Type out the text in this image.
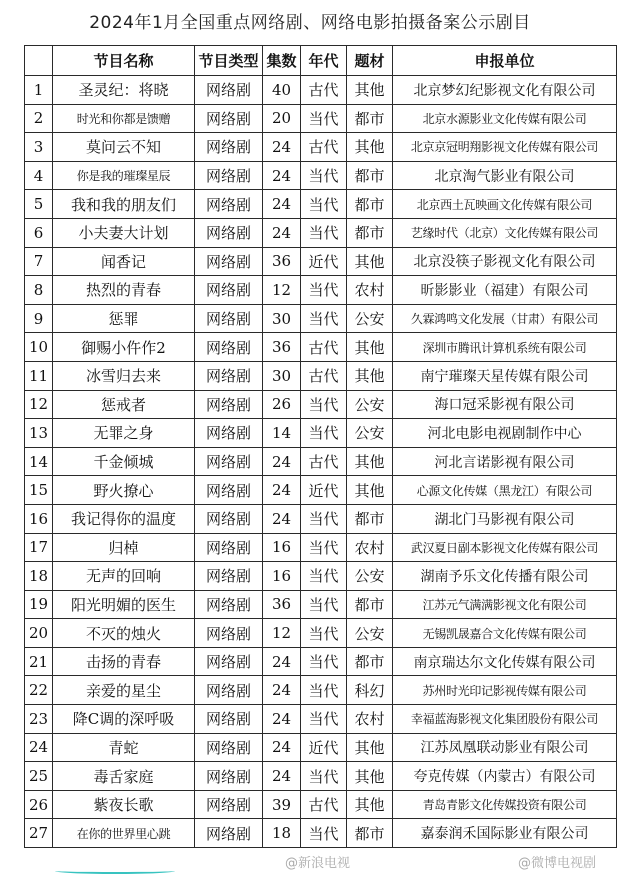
2024年1月全国重点网络剧、网络电影拍摄备案公示剧目
	节目名称	节目类型	集数	年代	题材	申报单位
1	圣灵纪：将晓	网络剧	40	古代	其他	北京梦幻纪影视文化有限公司
2	时光和你都是馈赠	网络剧	20	当代	都市	北京水源影业文化传媒有限公司
3	莫问云不知	网络剧	24	古代	其他	北京京冠明翔影视文化传媒有限公司
4	你是我的璀璨星辰	网络剧	24	当代	都市	北京淘气影业有限公司
5	我和我的朋友们	网络剧	24	当代	都市	北京西土瓦映画文化传媒有限公司
6	小夫妻大计划	网络剧	24	当代	都市	艺缘时代（北京）文化传媒有限公司
7	闻香记	网络剧	36	近代	其他	北京没筷子影视文化有限公司
8	热烈的青春	网络剧	12	当代	农村	昕影影业（福建）有限公司
9	惩罪	网络剧	30	当代	公安	久霖鸿鸣文化发展（甘肃）有限公司
10	御赐小仵作2	网络剧	36	古代	其他	深圳市腾讯计算机系统有限公司
11	冰雪归去来	网络剧	30	古代	其他	南宁璀璨天星传媒有限公司
12	惩戒者	网络剧	26	当代	公安	海口冠采影视有限公司
13	无罪之身	网络剧	14	当代	公安	河北电影电视剧制作中心
14	千金倾城	网络剧	24	古代	其他	河北言诺影视有限公司
15	野火撩心	网络剧	24	近代	其他	心源文化传媒（黑龙江）有限公司
16	我记得你的温度	网络剧	24	当代	都市	湖北门马影视有限公司
17	归棹	网络剧	16	当代	农村	武汉夏日副本影视文化传媒有限公司
18	无声的回响	网络剧	16	当代	公安	湖南予乐文化传播有限公司
19	阳光明媚的医生	网络剧	36	当代	都市	江苏元气满满影视文化有限公司
20	不灭的烛火	网络剧	12	当代	公安	无锡凯晟嘉合文化传媒有限公司
21	击扬的青春	网络剧	24	当代	都市	南京瑞达尔文化传媒有限公司
22	亲爱的星尘	网络剧	24	当代	科幻	苏州时光印记影视传媒有限公司
23	降C调的深呼吸	网络剧	24	当代	农村	幸福蓝海影视文化集团股份有限公司
24	青蛇	网络剧	24	近代	其他	江苏凤凰联动影业有限公司
25	毒舌家庭	网络剧	24	当代	其他	夸克传媒（内蒙古）有限公司
26	紫夜长歌	网络剧	39	古代	其他	青岛青影文化传媒投资有限公司
27	在你的世界里心跳	网络剧	18	当代	都市	嘉泰润禾国际影业有限公司
@新浪电视	@微博电视剧
